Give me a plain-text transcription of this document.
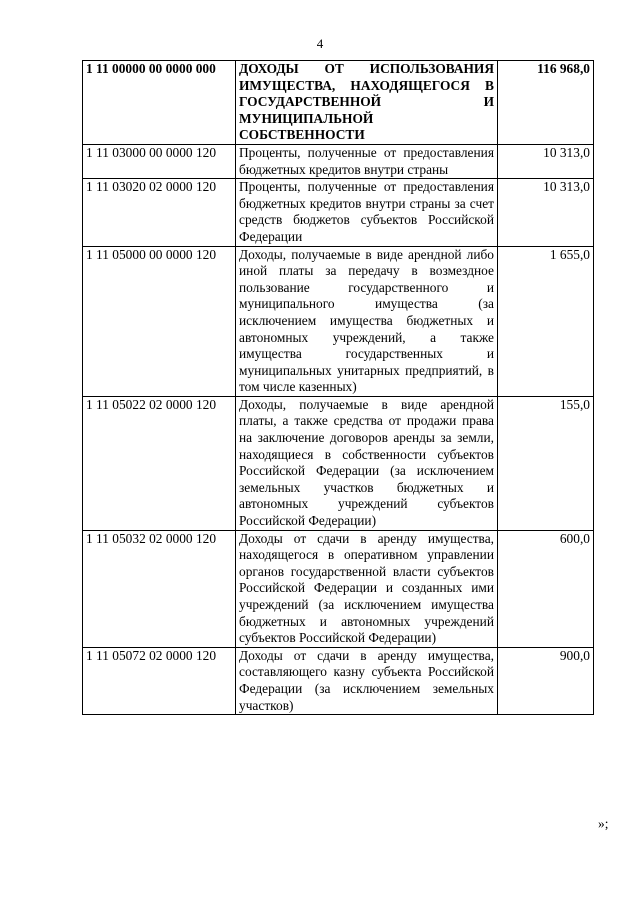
4
1 11 00000 00 0000 000	ДОХОДЫ ОТ ИСПОЛЬЗОВАНИЯ ИМУЩЕСТВА, НАХОДЯЩЕГОСЯ В ГОСУДАРСТВЕННОЙ И МУНИЦИПАЛЬНОЙ СОБСТВЕННОСТИ	116 968,0
1 11 03000 00 0000 120	Проценты, полученные от предоставления бюджетных кредитов внутри страны	10 313,0
1 11 03020 02 0000 120	Проценты, полученные от предоставления бюджетных кредитов внутри страны за счет средств бюджетов субъектов Российской Федерации	10 313,0
1 11 05000 00 0000 120	Доходы, получаемые в виде арендной либо иной платы за передачу в возмездное пользование государственного и муниципального имущества (за исключением имущества бюджетных и автономных учреждений, а также имущества государственных и муниципальных унитарных предприятий, в том числе казенных)	1 655,0
1 11 05022 02 0000 120	Доходы, получаемые в виде арендной платы, а также средства от продажи права на заключение договоров аренды за земли, находящиеся в собственности субъектов Российской Федерации (за исключением земельных участков бюджетных и автономных учреждений субъектов Российской Федерации)	155,0
1 11 05032 02 0000 120	Доходы от сдачи в аренду имущества, находящегося в оперативном управлении органов государственной власти субъектов Российской Федерации и созданных ими учреждений (за исключением имущества бюджетных и автономных учреждений субъектов Российской Федерации)	600,0
1 11 05072 02 0000 120	Доходы от сдачи в аренду имущества, составляющего казну субъекта Российской Федерации (за исключением земельных участков)	900,0
»;
